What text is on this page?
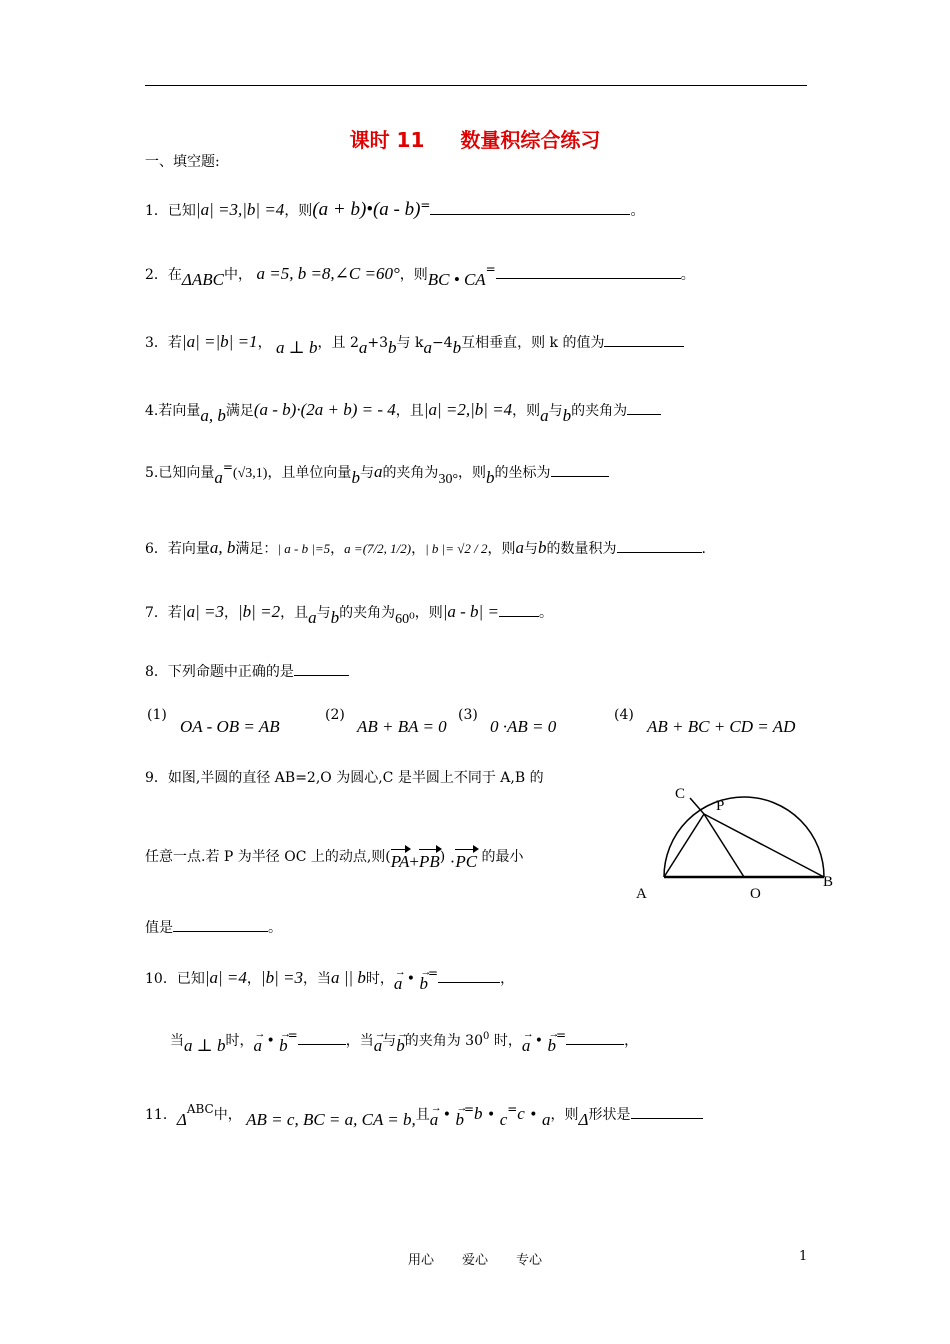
课时 11 数量积综合练习
一、填空题:
1．已知|a| =3,|b| =4，则(a + b)•(a - b)=	。
2．在ΔABC中， a =5, b =8,∠C =60°，则BC • CA=	。
3．若|a| =|b| =1， a ⊥ b，且 2a+3b与 ka−4b互相垂直，则 k 的值为
4.若向量a, b满足(a - b)·(2a + b) = - 4，且|a| =2,|b| =4，则a与b的夹角为
5.已知向量a=(√3,1)，且单位向量b与a的夹角为30°，则b的坐标为
6．若向量a, b满足：| a - b |=5，a =(7/2, 1/2)，| b |= √2 / 2，则a与b的数量积为	.
7．若|a| =3，|b| =2，且a与b的夹角为60⁰，则|a - b| =	。
8．下列命题中正确的是
(1)
OA - OB = AB
(2)
AB + BA = 0
(3)
0 ·AB = 0
(4)
AB + BC + CD = AD
9．如图,半圆的直径 AB=2,O 为圆心,C 是半圆上不同于 A,B 的
任意一点.若 P 为半径 OC 上的动点,则(PA+PB) ·PC 的最小
值是	。
C
P
A	O
B
10．已知|a| =4，|b| =3，当a || b时，→ a • → b=	，
当a ⊥ b时，→ a • → b=	，当→ a与→ b的夹角为 $30^0$ 时，→ a • → b=	，
11．ΔABC中， AB = c, BC = a, CA = b,且→ a • → b=b • c=c • a，则Δ形状是
用心 爱心 专心	1
